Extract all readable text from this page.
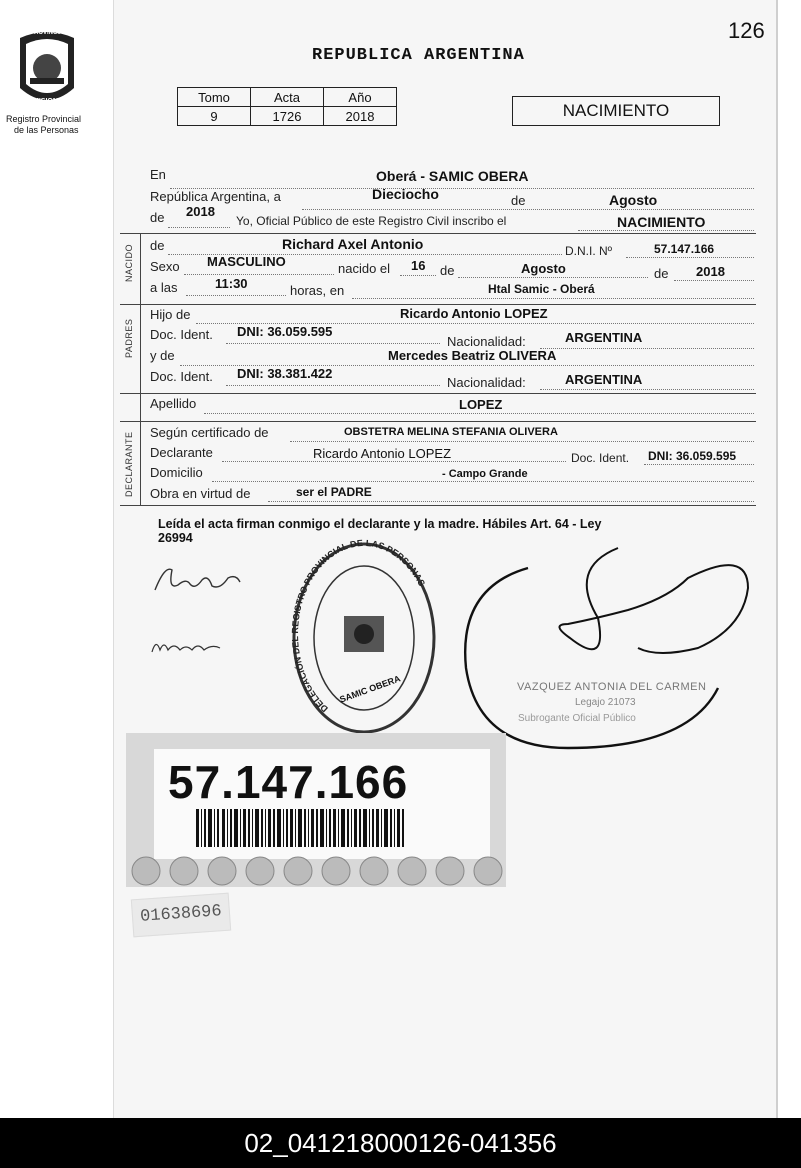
PROVINCIA DE
MISIONES
Registro Provincial
de las Personas
126
REPUBLICA ARGENTINA
Tomo	Acta	Año
9	1726	2018	NACIMIENTO
NACIDO
PADRES
DECLARANTE
En	Oberá - SAMIC OBERA
República Argentina, a	Dieciocho	de	Agosto
de 2018
Yo, Oficial Público de este Registro Civil inscribo el	NACIMIENTO
de	Richard Axel Antonio	D.N.I. Nº	57.147.166
Sexo MASCULINO	nacido el 16 de	Agosto	de 2018
a las	11:30	horas, en	Htal Samic - Oberá
Hijo de	Ricardo Antonio LOPEZ
Doc. Ident. DNI: 36.059.595
Nacionalidad:	ARGENTINA
y de	Mercedes Beatriz OLIVERA
Doc. Ident. DNI: 38.381.422
Nacionalidad:	ARGENTINA
Apellido	LOPEZ
Según certificado de	OBSTETRA MELINA STEFANIA OLIVERA
Declarante	Ricardo Antonio LOPEZ	Doc. Ident. DNI: 36.059.595
Domicilio	- Campo Grande
Obra en virtud de	ser el PADRE
Leída el acta firman conmigo el declarante y la madre. Hábiles Art. 64 - Ley
26994
DELEGACIÓN DEL REGISTRO PROVINCIAL DE LAS PERSONAS
SAMIC OBERA	VAZQUEZ ANTONIA DEL CARMEN
Legajo 21073
Subrogante Oficial Público
57.147.166
01638696
02_041218000126-041356
